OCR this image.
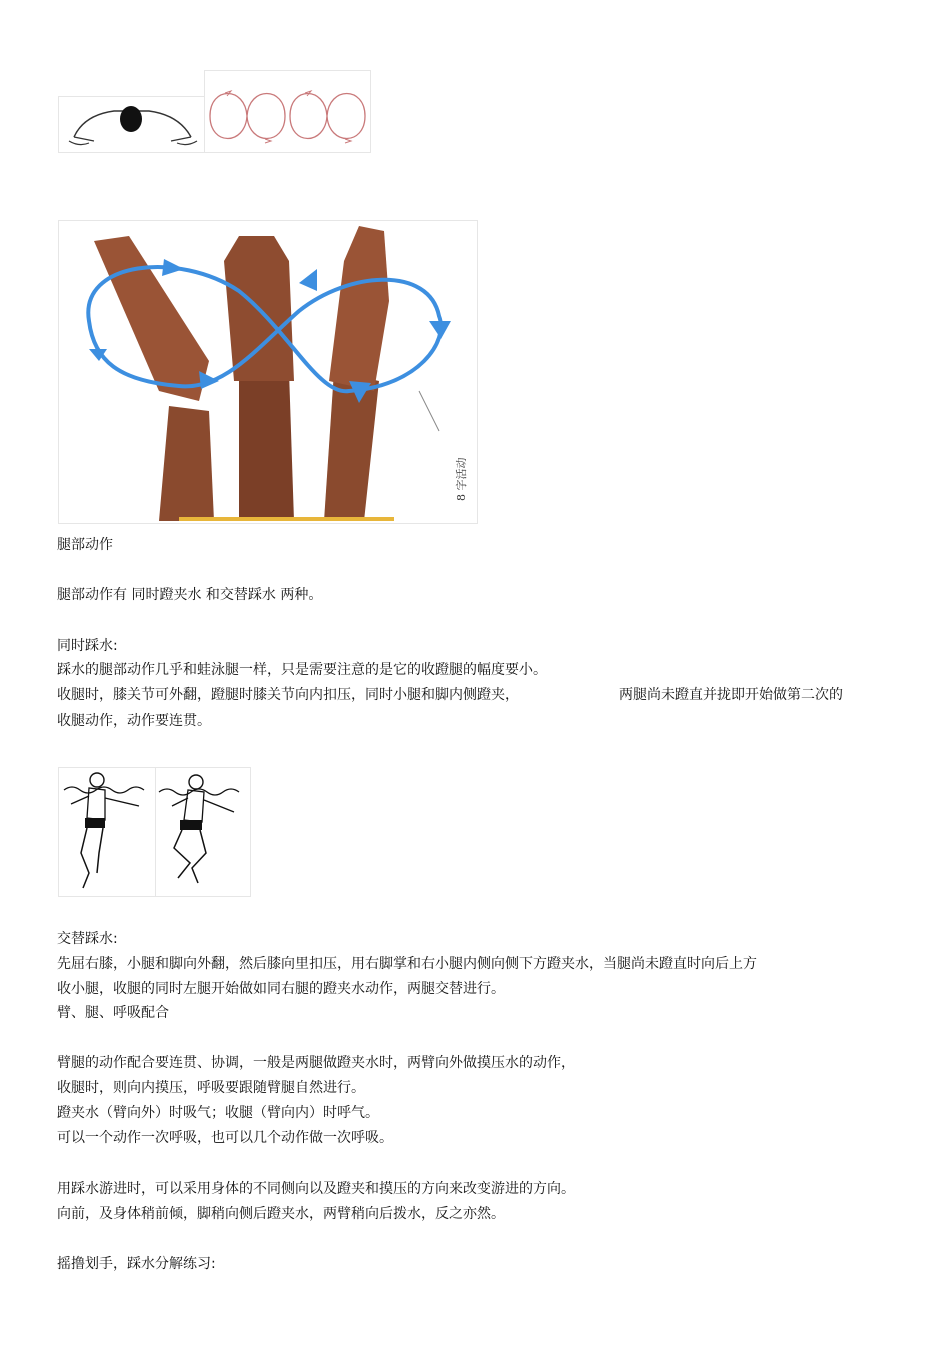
8 字活动
腿部动作
腿部动作有 同时蹬夹水 和交替踩水 两种。
同时踩水:
踩水的腿部动作几乎和蛙泳腿一样，只是需要注意的是它的收蹬腿的幅度要小。
收腿时，膝关节可外翻，蹬腿时膝关节向内扣压，同时小腿和脚内侧蹬夹，	两腿尚未蹬直并拢即开始做第二次的
收腿动作，动作要连贯。
交替踩水:
先屈右膝，小腿和脚向外翻，然后膝向里扣压，用右脚掌和右小腿内侧向侧下方蹬夹水，当腿尚未蹬直时向后上方
收小腿，收腿的同时左腿开始做如同右腿的蹬夹水动作，两腿交替进行。
臂、腿、呼吸配合
臂腿的动作配合要连贯、协调，一般是两腿做蹬夹水时，两臂向外做摸压水的动作，
收腿时，则向内摸压，呼吸要跟随臂腿自然进行。
蹬夹水（臂向外）时吸气；收腿（臂向内）时呼气。
可以一个动作一次呼吸，也可以几个动作做一次呼吸。
用踩水游进时，可以采用身体的不同侧向以及蹬夹和摸压的方向来改变游进的方向。
向前，及身体稍前倾，脚稍向侧后蹬夹水，两臂稍向后拨水，反之亦然。
摇撸划手，踩水分解练习:
